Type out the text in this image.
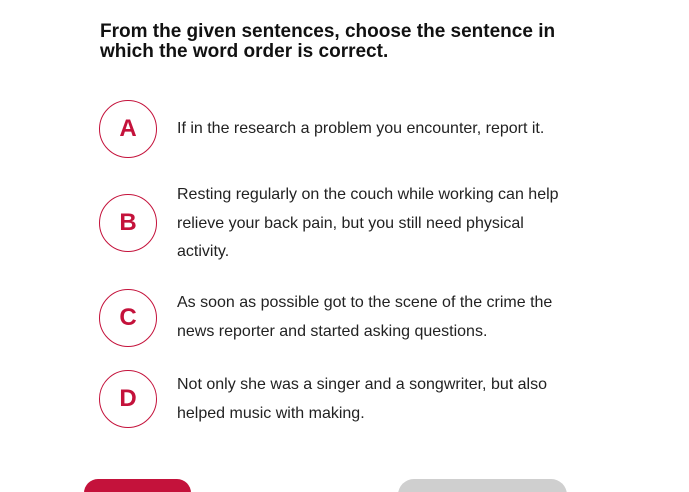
From the given sentences, choose the sentence in which the word order is correct.
A	If in the research a problem you encounter, report it.
B
Resting regularly on the couch while working can help relieve your back pain, but you still need physical activity.
C
As soon as possible got to the scene of the crime the news reporter and started asking questions.
D
Not only she was a singer and a songwriter, but also helped music with making.
